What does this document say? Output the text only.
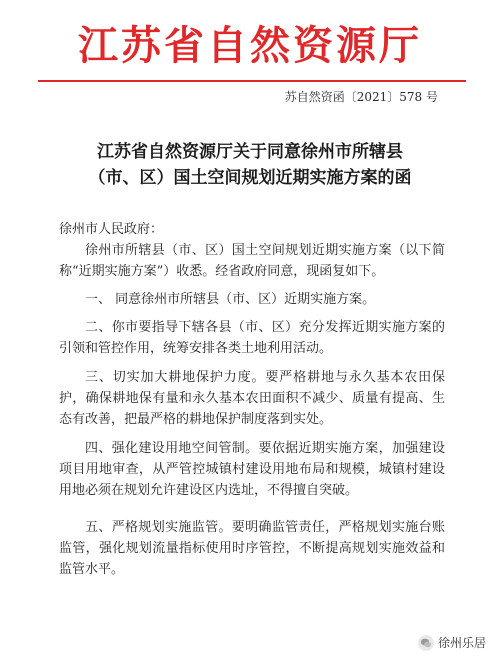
江苏省自然资源厅
苏自然资函〔2021〕578 号
江苏省自然资源厅关于同意徐州市所辖县
（市、区）国土空间规划近期实施方案的函
徐州市人民政府：
徐州市所辖县（市、区）国土空间规划近期实施方案（以下简称“近期实施方案”）收悉。经省政府同意，现函复如下。
一、 同意徐州市所辖县（市、区）近期实施方案。
二、你市要指导下辖各县（市、区）充分发挥近期实施方案的引领和管控作用，统筹安排各类土地利用活动。
三、切实加大耕地保护力度。要严格耕地与永久基本农田保护，确保耕地保有量和永久基本农田面积不减少、质量有提高、生态有改善，把最严格的耕地保护制度落到实处。
四、强化建设用地空间管制。要依据近期实施方案，加强建设项目用地审查，从严管控城镇村建设用地布局和规模，城镇村建设用地必须在规划允许建设区内选址，不得擅自突破。
五、严格规划实施监管。要明确监管责任，严格规划实施台账监管，强化规划流量指标使用时序管控，不断提高规划实施效益和监管水平。
徐州乐居
